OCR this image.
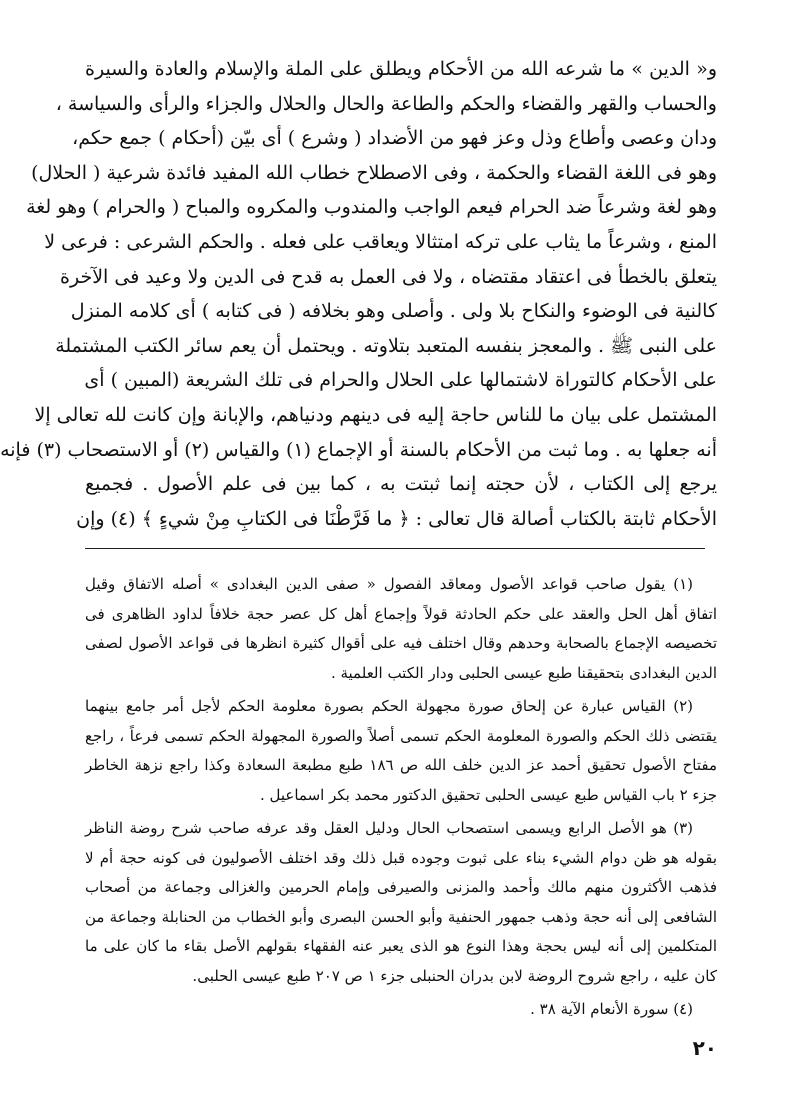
و« الدين » ما شرعه الله من الأحكام ويطلق على الملة والإسلام والعادة والسيرة
والحساب والقهر والقضاء والحكم والطاعة والحال والحلال والجزاء والرأى والسياسة ،
ودان وعصى وأطاع وذل وعز فهو من الأضداد ( وشرع ) أى بيّن (أحكام ) جمع حكم،
وهو فى اللغة القضاء والحكمة ، وفى الاصطلاح خطاب الله المفيد فائدة شرعية ( الحلال)
وهو لغة وشرعاً ضد الحرام فيعم الواجب والمندوب والمكروه والمباح ( والحرام ) وهو لغة
المنع ، وشرعاً ما يثاب على تركه امتثالا ويعاقب على فعله . والحكم الشرعى : فرعى لا
يتعلق بالخطأ فى اعتقاد مقتضاه ، ولا فى العمل به قدح فى الدين ولا وعيد فى الآخرة
كالنية فى الوضوء والنكاح بلا ولى . وأصلى وهو بخلافه ( فى كتابه ) أى كلامه المنزل
على النبى ﷺ . والمعجز بنفسه المتعبد بتلاوته . ويحتمل أن يعم سائر الكتب المشتملة
على الأحكام كالتوراة لاشتمالها على الحلال والحرام فى تلك الشريعة (المبين ) أى
المشتمل على بيان ما للناس حاجة إليه فى دينهم ودنياهم، والإبانة وإن كانت لله تعالى إلا
أنه جعلها به . وما ثبت من الأحكام بالسنة أو الإجماع (١) والقياس (٢) أو الاستصحاب (٣) فإنه
يرجع إلى الكتاب ، لأن حجته إنما ثبتت به ، كما بين فى علم الأصول . فجميع
الأحكام ثابتة بالكتاب أصالة قال تعالى : ﴿ ما فَرَّطْنَا فى الكتابِ مِنْ شيءٍ ﴾ (٤) وإن
(١) يقول صاحب قواعد الأصول ومعاقد الفصول « صفى الدين البغدادى » أصله الاتفاق وقيل
اتفاق أهل الحل والعقد على حكم الحادثة قولاً وإجماع أهل كل عصر حجة خلافاً لداود الظاهرى فى
تخصيصه الإجماع بالصحابة وحدهم وقال اختلف فيه على أقوال كثيرة انظرها فى قواعد الأصول لصفى
الدين البغدادى بتحقيقنا طبع عيسى الحلبى ودار الكتب العلمية .
(٢) القياس عبارة عن إلحاق صورة مجهولة الحكم بصورة معلومة الحكم لأجل أمر جامع بينهما
يقتضى ذلك الحكم والصورة المعلومة الحكم تسمى أصلاً والصورة المجهولة الحكم تسمى فرعاً ، راجع
مفتاح الأصول تحقيق أحمد عز الدين خلف الله ص ١٨٦ طبع مطبعة السعادة وكذا راجع نزهة الخاطر
جزء ٢ باب القياس طبع عيسى الحلبى تحقيق الدكتور محمد بكر اسماعيل .
(٣) هو الأصل الرابع ويسمى استصحاب الحال ودليل العقل وقد عرفه صاحب شرح روضة الناظر
بقوله هو ظن دوام الشيء بناء على ثبوت وجوده قبل ذلك وقد اختلف الأصوليون فى كونه حجة أم لا
فذهب الأكثرون منهم مالك وأحمد والمزنى والصيرفى وإمام الحرمين والغزالى وجماعة من أصحاب
الشافعى إلى أنه حجة وذهب جمهور الحنفية وأبو الحسن البصرى وأبو الخطاب من الحنابلة وجماعة من
المتكلمين إلى أنه ليس بحجة وهذا النوع هو الذى يعبر عنه الفقهاء بقولهم الأصل بقاء ما كان على ما
كان عليه ، راجع شروح الروضة لابن بدران الحنبلى جزء ١ ص ٢٠٧ طبع عيسى الحلبى.
(٤) سورة الأنعام الآية ٣٨ .
٢٠
